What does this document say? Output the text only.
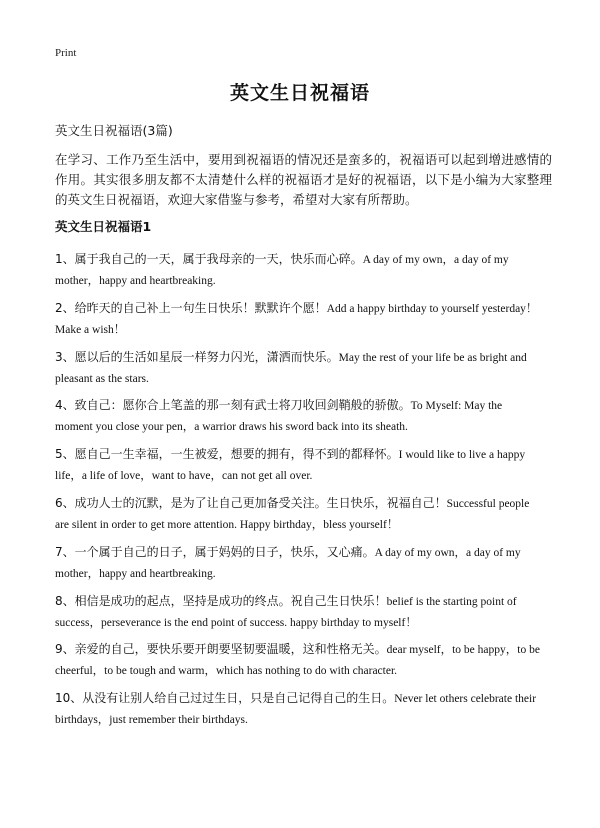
Print
英文生日祝福语
英文生日祝福语(3篇)
在学习、工作乃至生活中，要用到祝福语的情况还是蛮多的，祝福语可以起到增进感情的作用。其实很多朋友都不太清楚什么样的祝福语才是好的祝福语，以下是小编为大家整理的英文生日祝福语，欢迎大家借鉴与参考，希望对大家有所帮助。
英文生日祝福语1
1、属于我自己的一天，属于我母亲的一天，快乐而心碎。A day of my own，a day of my mother，happy and heartbreaking.
2、给昨天的自己补上一句生日快乐！默默许个愿！Add a happy birthday to yourself yesterday！ Make a wish！
3、愿以后的生活如星辰一样努力闪光，潇洒而快乐。May the rest of your life be as bright and pleasant as the stars.
4、致自己：愿你合上笔盖的那一刻有武士将刀收回剑鞘般的骄傲。To Myself: May the moment you close your pen，a warrior draws his sword back into its sheath.
5、愿自己一生幸福，一生被爱，想要的拥有，得不到的都释怀。I would like to live a happy life，a life of love，want to have，can not get all over.
6、成功人士的沉默，是为了让自己更加备受关注。生日快乐，祝福自己！Successful people are silent in order to get more attention. Happy birthday，bless yourself！
7、一个属于自己的日子，属于妈妈的日子，快乐，又心痛。A day of my own，a day of my mother，happy and heartbreaking.
8、相信是成功的起点，坚持是成功的终点。祝自己生日快乐！belief is the starting point of success，perseverance is the end point of success. happy birthday to myself！
9、亲爱的自己，要快乐要开朗要坚韧要温暖，这和性格无关。dear myself，to be happy，to be cheerful，to be tough and warm，which has nothing to do with character.
10、从没有让别人给自己过过生日，只是自己记得自己的生日。Never let others celebrate their birthdays，just remember their birthdays.
